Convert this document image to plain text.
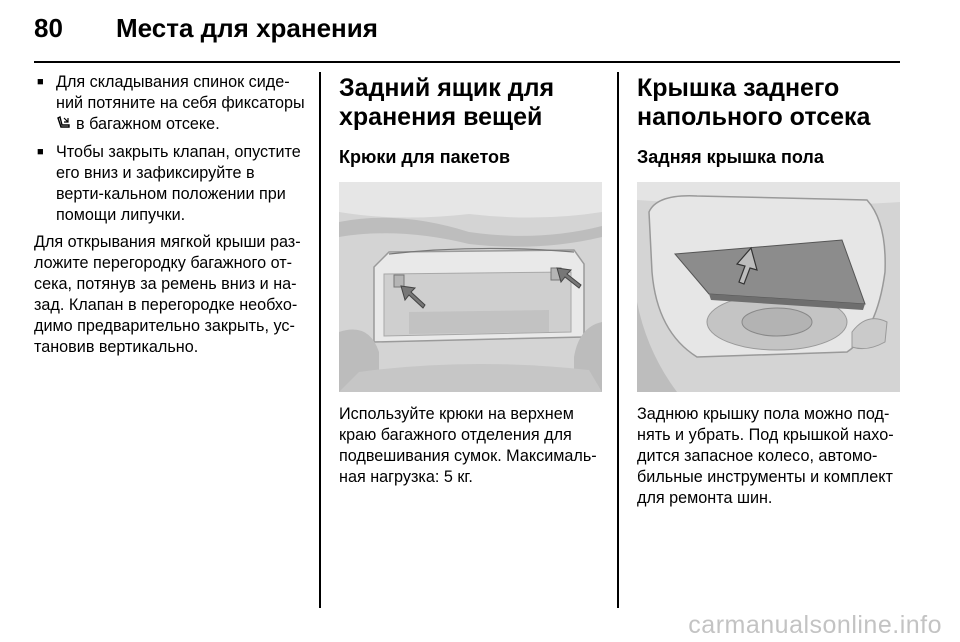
80	Места для хранения
■ Для складывания спинок сиде-ний потяните на себя фиксаторы
в багажном отсеке.
■ Чтобы закрыть клапан, опустите его вниз и зафиксируйте в верти-кальном положении при помощи липучки.
Для открывания мягкой крыши раз-ложите перегородку багажного от-сека, потянув за ремень вниз и на-зад. Клапан в перегородке необхо-димо предварительно закрыть, ус-тановив вертикально.
Задний ящик для хранения вещей
Крюки для пакетов
Используйте крюки на верхнем краю багажного отделения для подвешивания сумок. Максималь-ная нагрузка: 5 кг.
Крышка заднего напольного отсека
Задняя крышка пола
Заднюю крышку пола можно под-нять и убрать. Под крышкой нахо-дится запасное колесо, автомо-бильные инструменты и комплект для ремонта шин.
carmanualsonline.info
